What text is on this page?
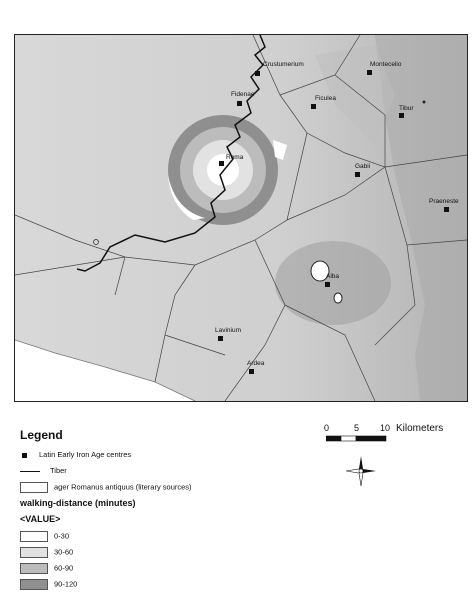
Crustumerium	Montecelio
Fidenae
Ficulea
Tibur
Roma
Gabii
Praeneste
Alba
Lavinium
Ardea
Legend
Latin Early Iron Age centres
Tiber
ager Romanus antiquus (literary sources)
walking-distance (minutes)
<VALUE>
0-30
30-60
60-90
90-120
0	5 10 Kilometers
